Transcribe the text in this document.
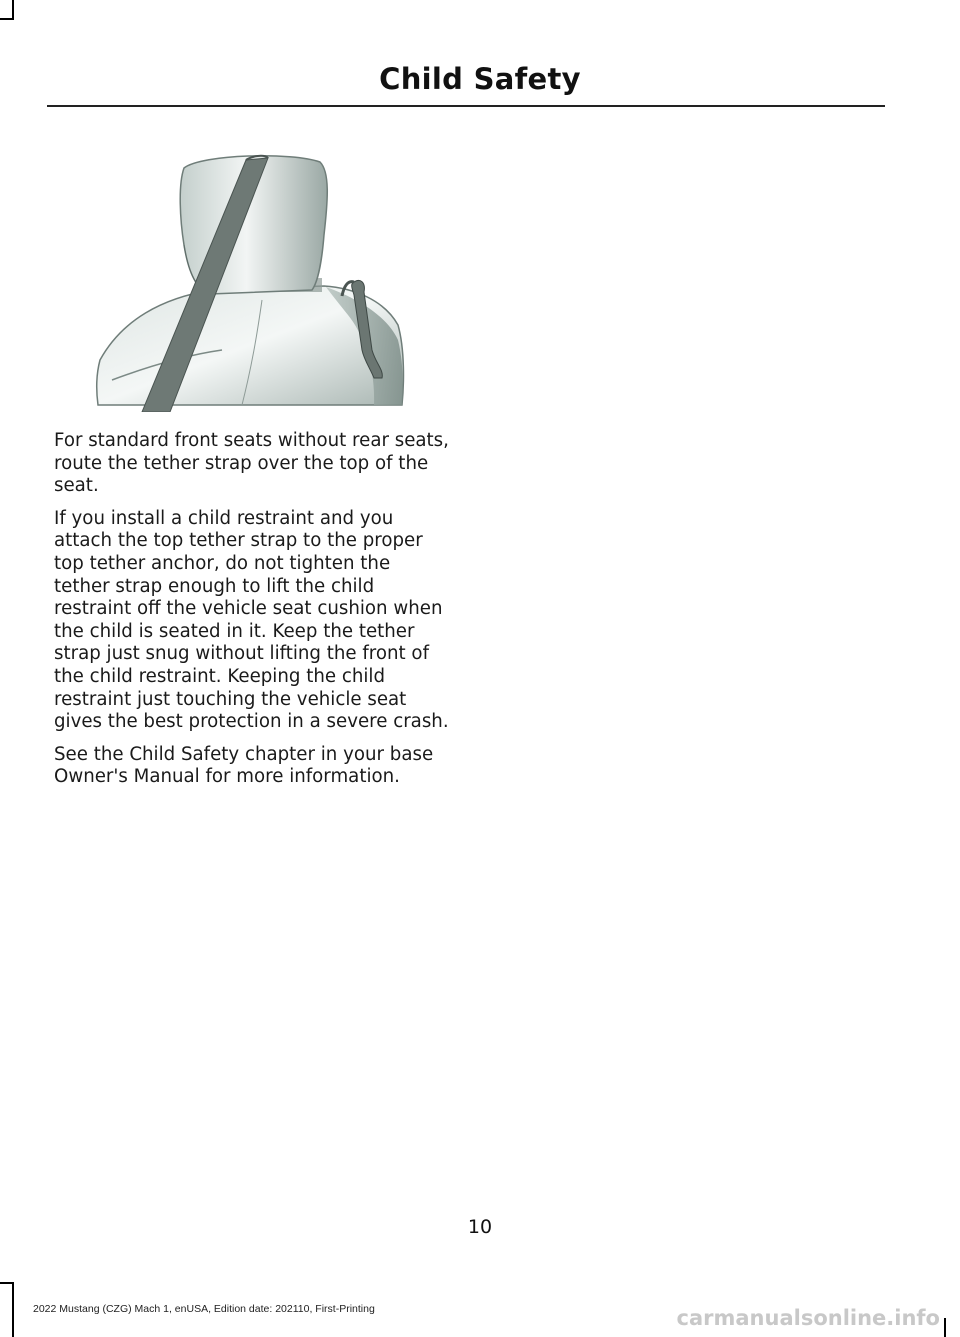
Child Safety

For standard front seats without rear seats, route the tether strap over the top of the seat.

If you install a child restraint and you attach the top tether strap to the proper top tether anchor, do not tighten the tether strap enough to lift the child restraint off the vehicle seat cushion when the child is seated in it. Keep the tether strap just snug without lifting the front of the child restraint. Keeping the child restraint just touching the vehicle seat gives the best protection in a severe crash.

See the Child Safety chapter in your base Owner's Manual for more information.

10
2022 Mustang (CZG) Mach 1, enUSA, Edition date: 202110, First-Printing	carmanualsonline.info
